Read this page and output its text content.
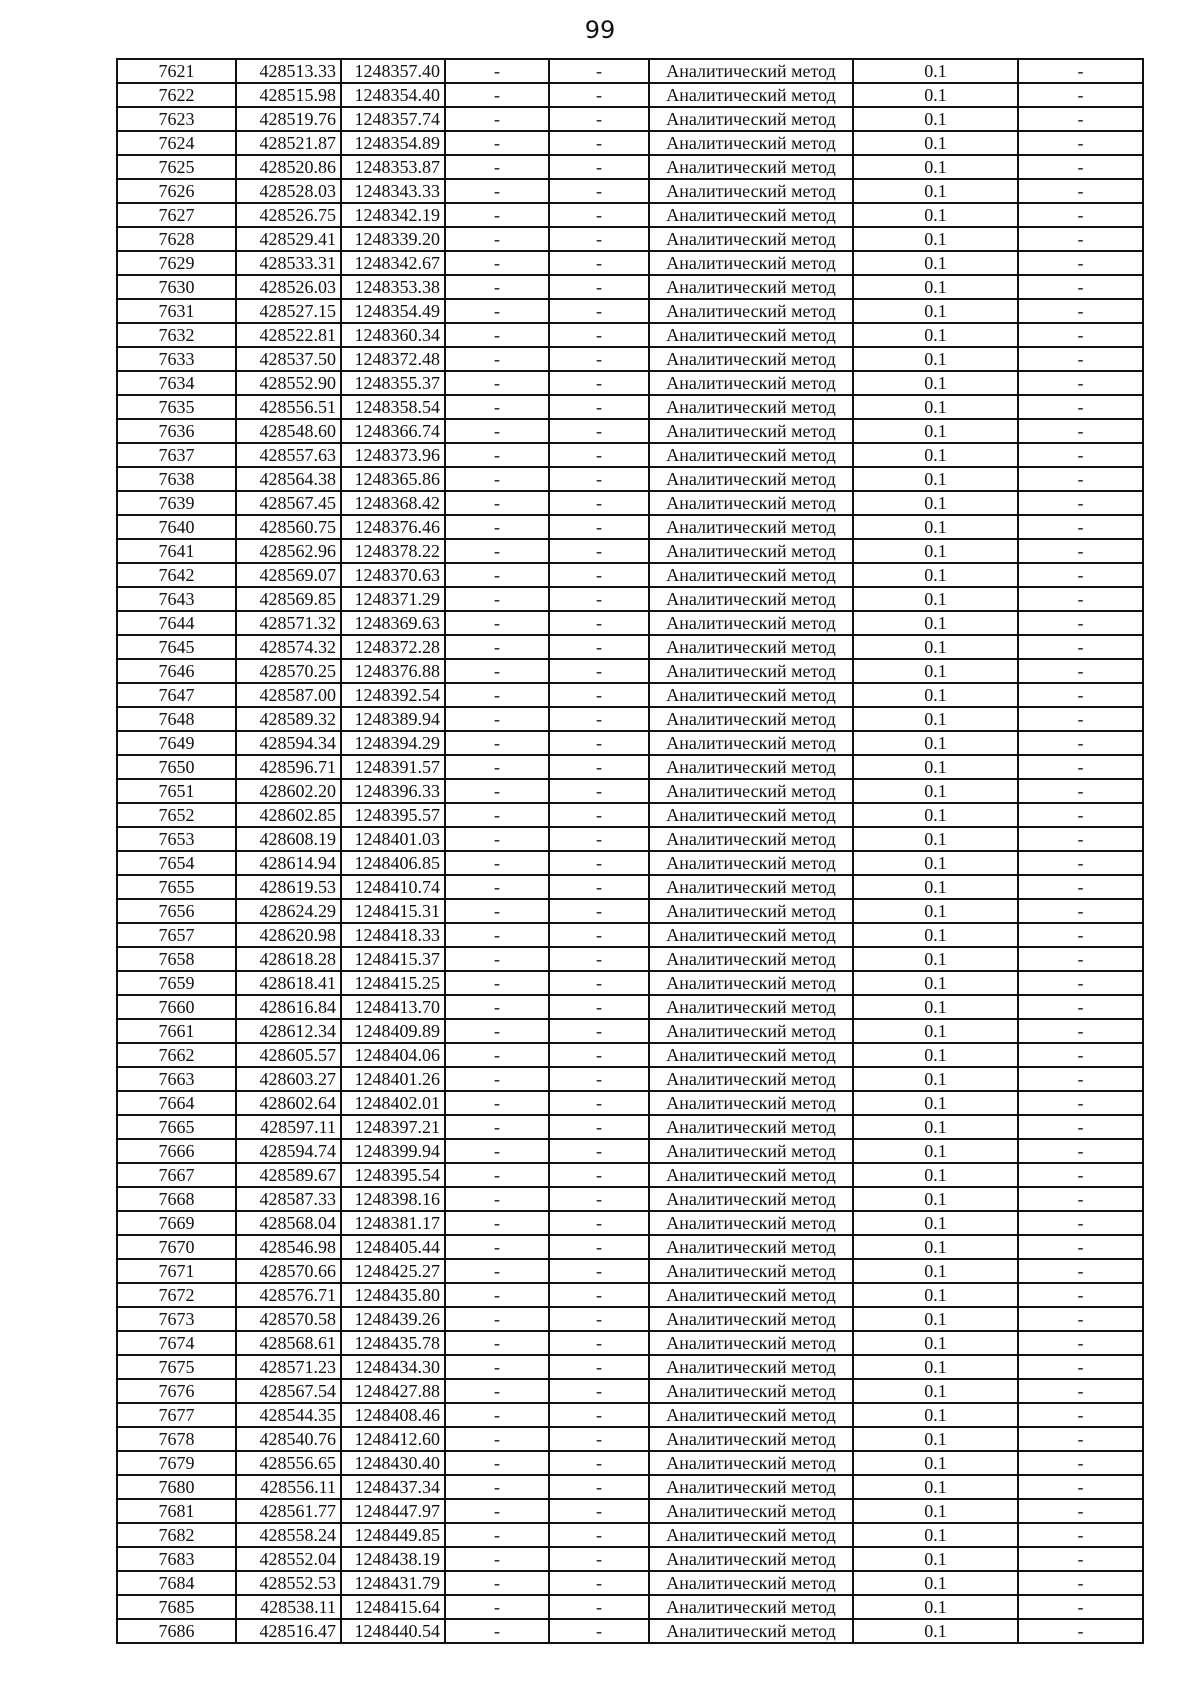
99
7621	428513.33	1248357.40	-	-	Аналитический метод	0.1	-
7622	428515.98	1248354.40	-	-	Аналитический метод	0.1	-
7623	428519.76	1248357.74	-	-	Аналитический метод	0.1	-
7624	428521.87	1248354.89	-	-	Аналитический метод	0.1	-
7625	428520.86	1248353.87	-	-	Аналитический метод	0.1	-
7626	428528.03	1248343.33	-	-	Аналитический метод	0.1	-
7627	428526.75	1248342.19	-	-	Аналитический метод	0.1	-
7628	428529.41	1248339.20	-	-	Аналитический метод	0.1	-
7629	428533.31	1248342.67	-	-	Аналитический метод	0.1	-
7630	428526.03	1248353.38	-	-	Аналитический метод	0.1	-
7631	428527.15	1248354.49	-	-	Аналитический метод	0.1	-
7632	428522.81	1248360.34	-	-	Аналитический метод	0.1	-
7633	428537.50	1248372.48	-	-	Аналитический метод	0.1	-
7634	428552.90	1248355.37	-	-	Аналитический метод	0.1	-
7635	428556.51	1248358.54	-	-	Аналитический метод	0.1	-
7636	428548.60	1248366.74	-	-	Аналитический метод	0.1	-
7637	428557.63	1248373.96	-	-	Аналитический метод	0.1	-
7638	428564.38	1248365.86	-	-	Аналитический метод	0.1	-
7639	428567.45	1248368.42	-	-	Аналитический метод	0.1	-
7640	428560.75	1248376.46	-	-	Аналитический метод	0.1	-
7641	428562.96	1248378.22	-	-	Аналитический метод	0.1	-
7642	428569.07	1248370.63	-	-	Аналитический метод	0.1	-
7643	428569.85	1248371.29	-	-	Аналитический метод	0.1	-
7644	428571.32	1248369.63	-	-	Аналитический метод	0.1	-
7645	428574.32	1248372.28	-	-	Аналитический метод	0.1	-
7646	428570.25	1248376.88	-	-	Аналитический метод	0.1	-
7647	428587.00	1248392.54	-	-	Аналитический метод	0.1	-
7648	428589.32	1248389.94	-	-	Аналитический метод	0.1	-
7649	428594.34	1248394.29	-	-	Аналитический метод	0.1	-
7650	428596.71	1248391.57	-	-	Аналитический метод	0.1	-
7651	428602.20	1248396.33	-	-	Аналитический метод	0.1	-
7652	428602.85	1248395.57	-	-	Аналитический метод	0.1	-
7653	428608.19	1248401.03	-	-	Аналитический метод	0.1	-
7654	428614.94	1248406.85	-	-	Аналитический метод	0.1	-
7655	428619.53	1248410.74	-	-	Аналитический метод	0.1	-
7656	428624.29	1248415.31	-	-	Аналитический метод	0.1	-
7657	428620.98	1248418.33	-	-	Аналитический метод	0.1	-
7658	428618.28	1248415.37	-	-	Аналитический метод	0.1	-
7659	428618.41	1248415.25	-	-	Аналитический метод	0.1	-
7660	428616.84	1248413.70	-	-	Аналитический метод	0.1	-
7661	428612.34	1248409.89	-	-	Аналитический метод	0.1	-
7662	428605.57	1248404.06	-	-	Аналитический метод	0.1	-
7663	428603.27	1248401.26	-	-	Аналитический метод	0.1	-
7664	428602.64	1248402.01	-	-	Аналитический метод	0.1	-
7665	428597.11	1248397.21	-	-	Аналитический метод	0.1	-
7666	428594.74	1248399.94	-	-	Аналитический метод	0.1	-
7667	428589.67	1248395.54	-	-	Аналитический метод	0.1	-
7668	428587.33	1248398.16	-	-	Аналитический метод	0.1	-
7669	428568.04	1248381.17	-	-	Аналитический метод	0.1	-
7670	428546.98	1248405.44	-	-	Аналитический метод	0.1	-
7671	428570.66	1248425.27	-	-	Аналитический метод	0.1	-
7672	428576.71	1248435.80	-	-	Аналитический метод	0.1	-
7673	428570.58	1248439.26	-	-	Аналитический метод	0.1	-
7674	428568.61	1248435.78	-	-	Аналитический метод	0.1	-
7675	428571.23	1248434.30	-	-	Аналитический метод	0.1	-
7676	428567.54	1248427.88	-	-	Аналитический метод	0.1	-
7677	428544.35	1248408.46	-	-	Аналитический метод	0.1	-
7678	428540.76	1248412.60	-	-	Аналитический метод	0.1	-
7679	428556.65	1248430.40	-	-	Аналитический метод	0.1	-
7680	428556.11	1248437.34	-	-	Аналитический метод	0.1	-
7681	428561.77	1248447.97	-	-	Аналитический метод	0.1	-
7682	428558.24	1248449.85	-	-	Аналитический метод	0.1	-
7683	428552.04	1248438.19	-	-	Аналитический метод	0.1	-
7684	428552.53	1248431.79	-	-	Аналитический метод	0.1	-
7685	428538.11	1248415.64	-	-	Аналитический метод	0.1	-
7686	428516.47	1248440.54	-	-	Аналитический метод	0.1	-
